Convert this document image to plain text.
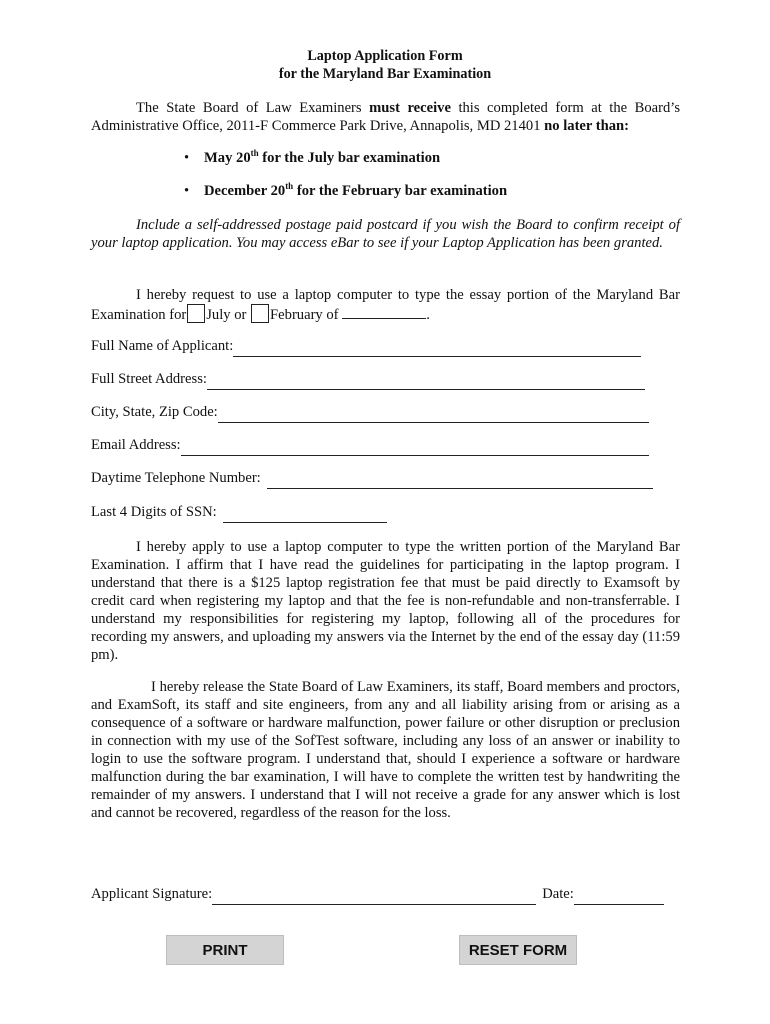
Laptop Application Form
for the Maryland Bar Examination
The State Board of Law Examiners must receive this completed form at the Board’s Administrative Office, 2011-F Commerce Park Drive, Annapolis, MD 21401 no later than:
• May 20th for the July bar examination
• December 20th for the February bar examination
Include a self-addressed postage paid postcard if you wish the Board to confirm receipt of your laptop application. You may access eBar to see if your Laptop Application has been granted.
I hereby request to use a laptop computer to type the essay portion of the Maryland Bar
Examination for July or February of	.
Full Name of Applicant:
Full Street Address:
City, State, Zip Code:
Email Address:
Daytime Telephone Number:
Last 4 Digits of SSN:
I hereby apply to use a laptop computer to type the written portion of the Maryland Bar Examination. I affirm that I have read the guidelines for participating in the laptop program. I understand that there is a $125 laptop registration fee that must be paid directly to Examsoft by credit card when registering my laptop and that the fee is non-refundable and non-transferrable. I understand my responsibilities for registering my laptop, following all of the procedures for recording my answers, and uploading my answers via the Internet by the end of the essay day (11:59 pm).
I hereby release the State Board of Law Examiners, its staff, Board members and proctors, and ExamSoft, its staff and site engineers, from any and all liability arising from or arising as a consequence of a software or hardware malfunction, power failure or other disruption or preclusion in connection with my use of the SofTest software, including any loss of an answer or inability to login to use the software program. I understand that, should I experience a software or hardware malfunction during the bar examination, I will have to complete the written test by handwriting the remainder of my answers. I understand that I will not receive a grade for any answer which is lost and cannot be recovered, regardless of the reason for the loss.
Applicant Signature:	Date:
PRINT	RESET FORM
